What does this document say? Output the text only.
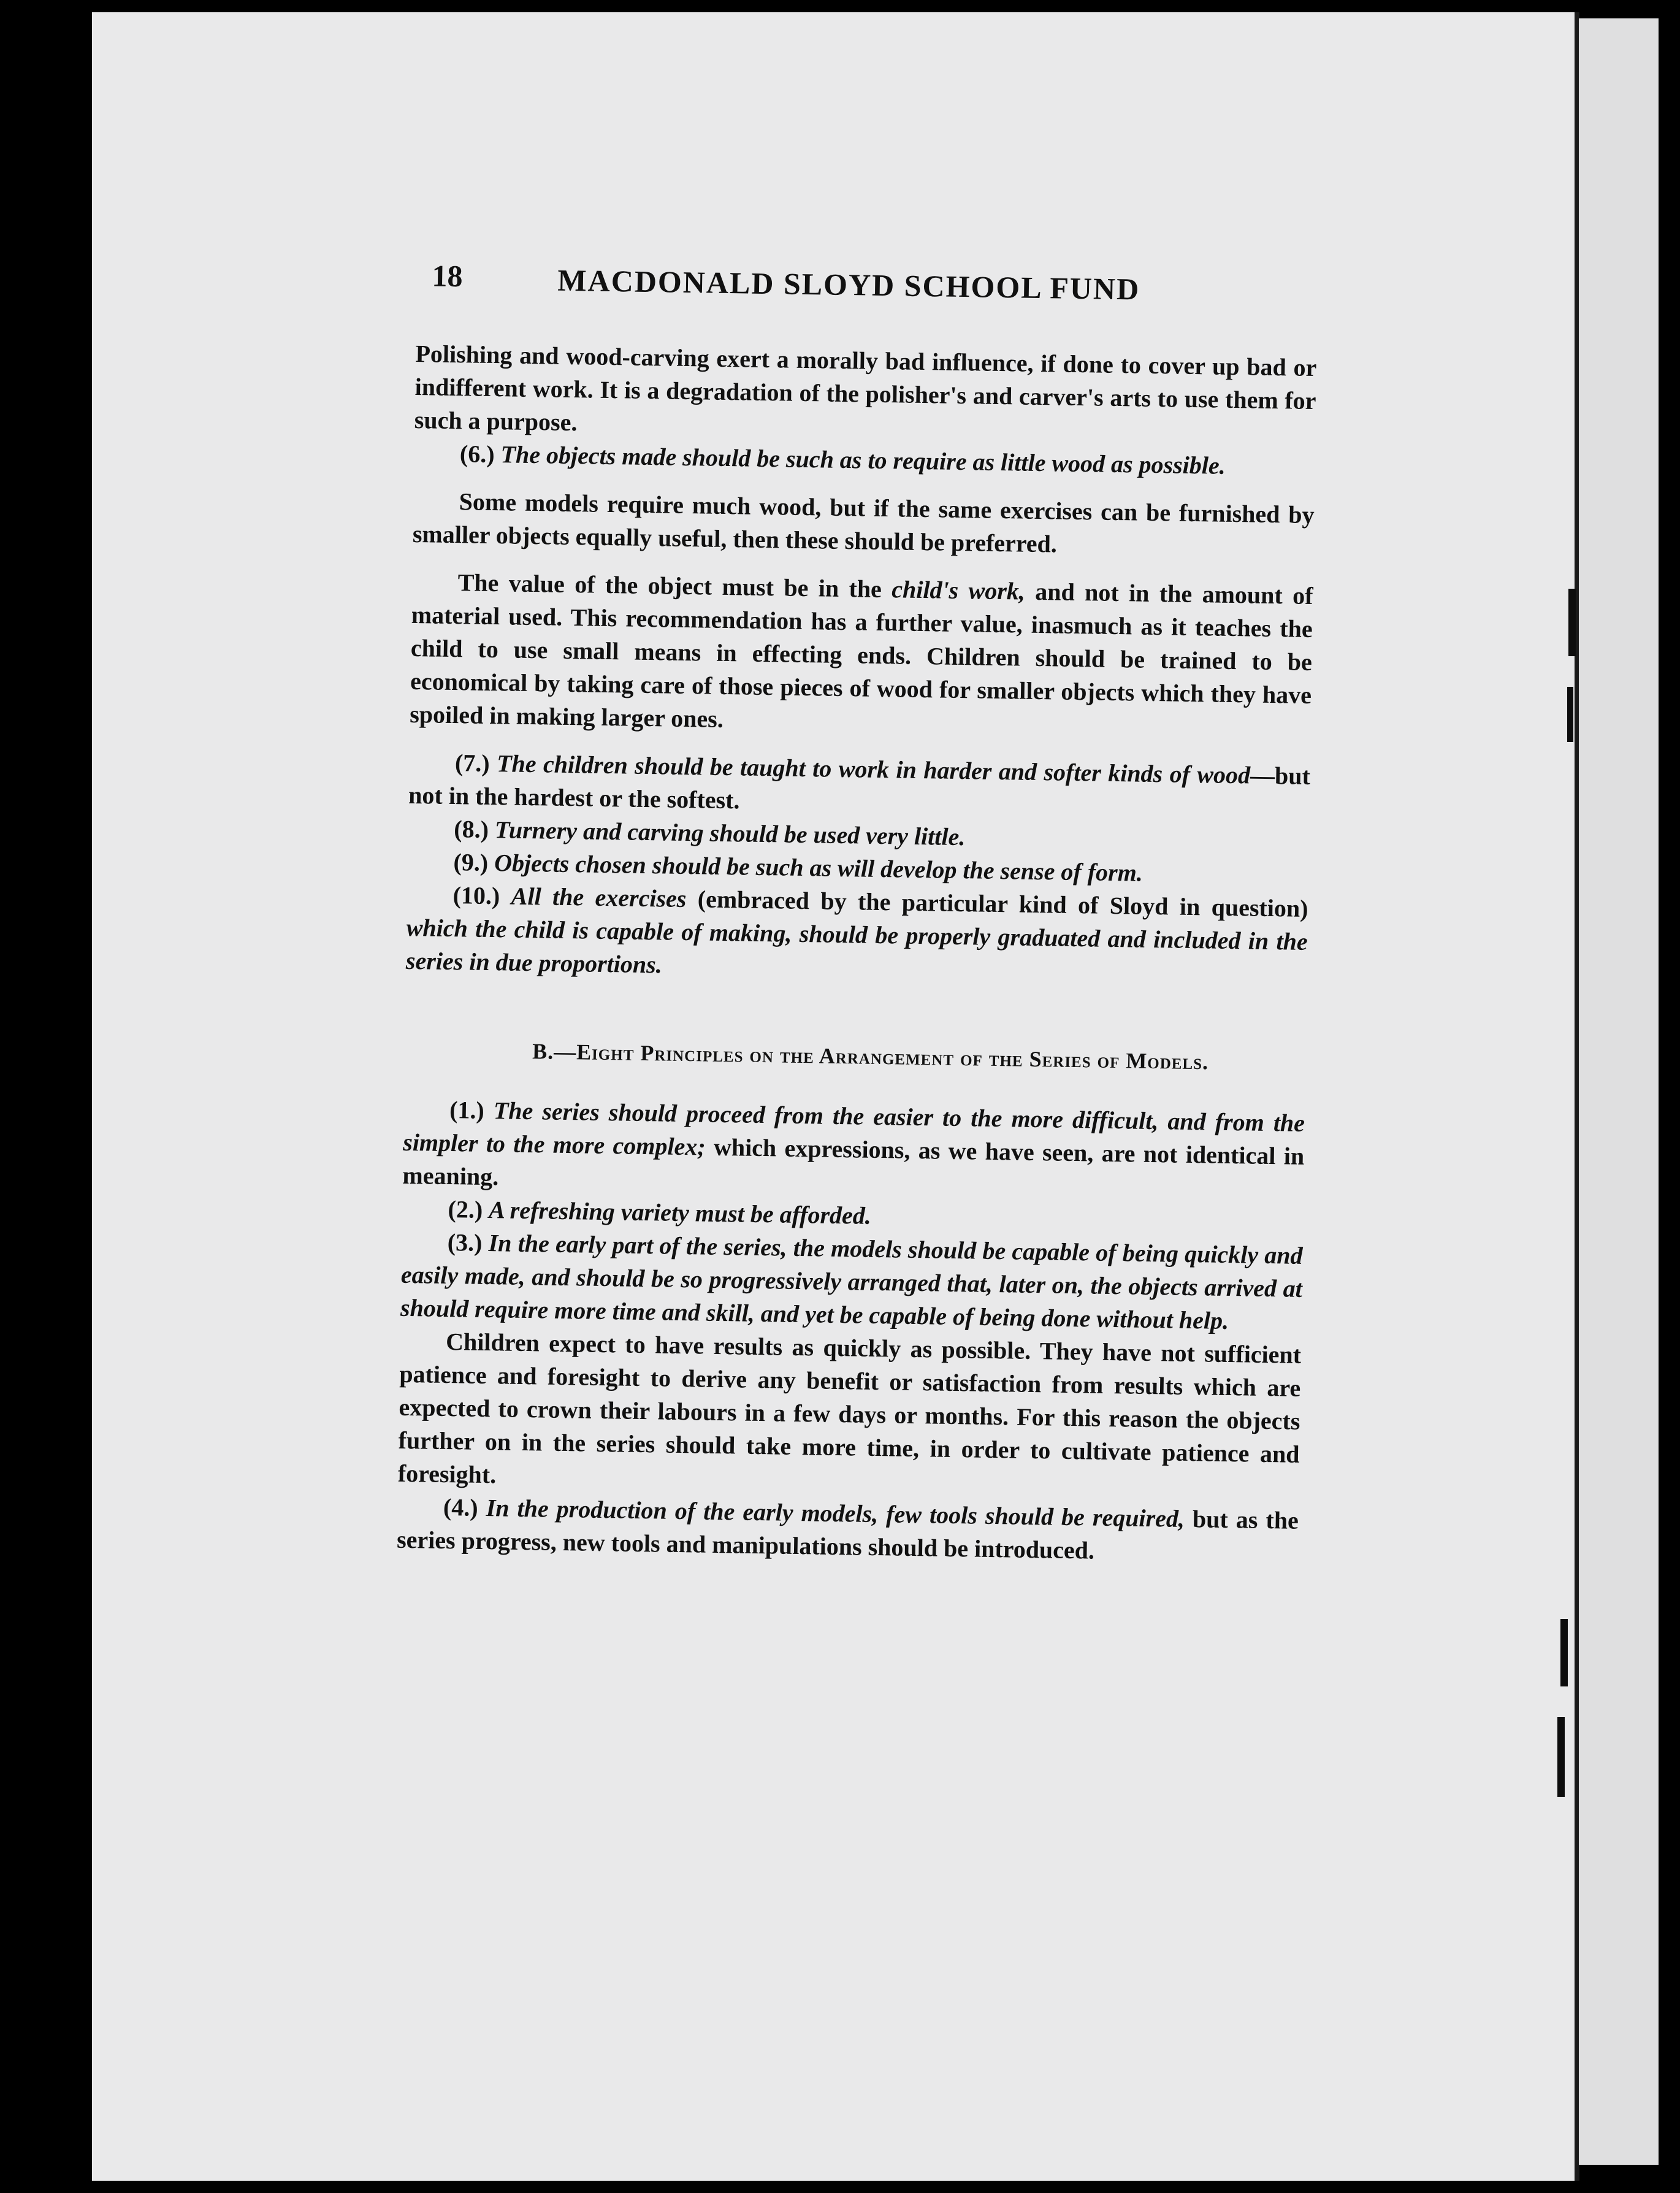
18	MACDONALD SLOYD SCHOOL FUND

Polishing and wood-carving exert a morally bad influence, if done to cover up bad or indifferent work. It is a degradation of the polisher's and carver's arts to use them for such a purpose.

(6.) The objects made should be such as to require as little wood as possible.

Some models require much wood, but if the same exercises can be furnished by smaller objects equally useful, then these should be preferred.

The value of the object must be in the child's work, and not in the amount of material used. This recommendation has a further value, inasmuch as it teaches the child to use small means in effecting ends. Children should be trained to be economical by taking care of those pieces of wood for smaller objects which they have spoiled in making larger ones.

(7.) The children should be taught to work in harder and softer kinds of wood—but not in the hardest or the softest.

(8.) Turnery and carving should be used very little.

(9.) Objects chosen should be such as will develop the sense of form.

(10.) All the exercises (embraced by the particular kind of Sloyd in question) which the child is capable of making, should be properly graduated and included in the series in due proportions.

B.—Eight Principles on the Arrangement of the Series of Models.

(1.) The series should proceed from the easier to the more difficult, and from the simpler to the more complex; which expressions, as we have seen, are not identical in meaning.

(2.) A refreshing variety must be afforded.

(3.) In the early part of the series, the models should be capable of being quickly and easily made, and should be so progressively arranged that, later on, the objects arrived at should require more time and skill, and yet be capable of being done without help.

Children expect to have results as quickly as possible. They have not sufficient patience and foresight to derive any benefit or satisfaction from results which are expected to crown their labours in a few days or months. For this reason the objects further on in the series should take more time, in order to cultivate patience and foresight.

(4.) In the production of the early models, few tools should be required, but as the series progress, new tools and manipulations should be introduced.
